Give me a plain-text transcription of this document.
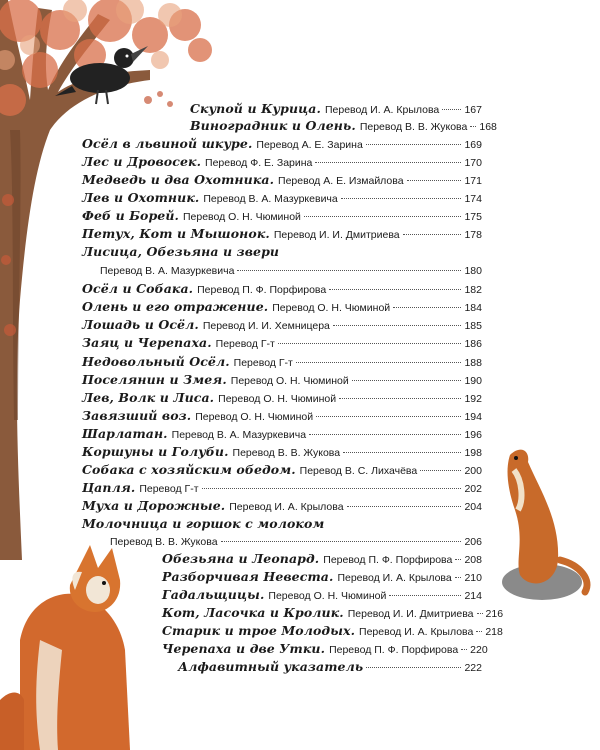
Скупой и Курица. Перевод И. А. Крылова 167
Виноградник и Олень. Перевод В. В. Жукова 168
Осёл в львиной шкуре. Перевод А. Е. Зарина	169
Лес и Дровосек. Перевод Ф. Е. Зарина	170
Медведь и два Охотника. Перевод А. Е. Измайлова	171
Лев и Охотник. Перевод В. А. Мазуркевича	174
Феб и Борей. Перевод О. Н. Чюминой	175
Петух, Кот и Мышонок. Перевод И. И. Дмитриева	178
Лисица, Обезьяна и звери
Перевод В. А. Мазуркевича	180
Осёл и Собака. Перевод П. Ф. Порфирова	182
Олень и его отражение. Перевод О. Н. Чюминой	184
Лошадь и Осёл. Перевод И. И. Хемницера	185
Заяц и Черепаха. Перевод Г-т	186
Недовольный Осёл. Перевод Г-т	188
Поселянин и Змея. Перевод О. Н. Чюминой	190
Лев, Волк и Лиса. Перевод О. Н. Чюминой	192
Завязший воз. Перевод О. Н. Чюминой	194
Шарлатан. Перевод В. А. Мазуркевича	196
Коршуны и Голуби. Перевод В. В. Жукова	198
Собака с хозяйским обедом. Перевод В. С. Лихачёва	200
Цапля. Перевод Г-т	202
Муха и Дорожные. Перевод И. А. Крылова	204
Молочница и горшок с молоком
Перевод В. В. Жукова	206
Обезьяна и Леопард. Перевод П. Ф. Порфирова 208
Разборчивая Невеста. Перевод И. А. Крылова 210
Гадальщицы. Перевод О. Н. Чюминой	214
Кот, Ласочка и Кролик. Перевод И. И. Дмитриева 216
Старик и трое Молодых. Перевод И. А. Крылова 218
Черепаха и две Утки. Перевод П. Ф. Порфирова 220
Алфавитный указатель	222
